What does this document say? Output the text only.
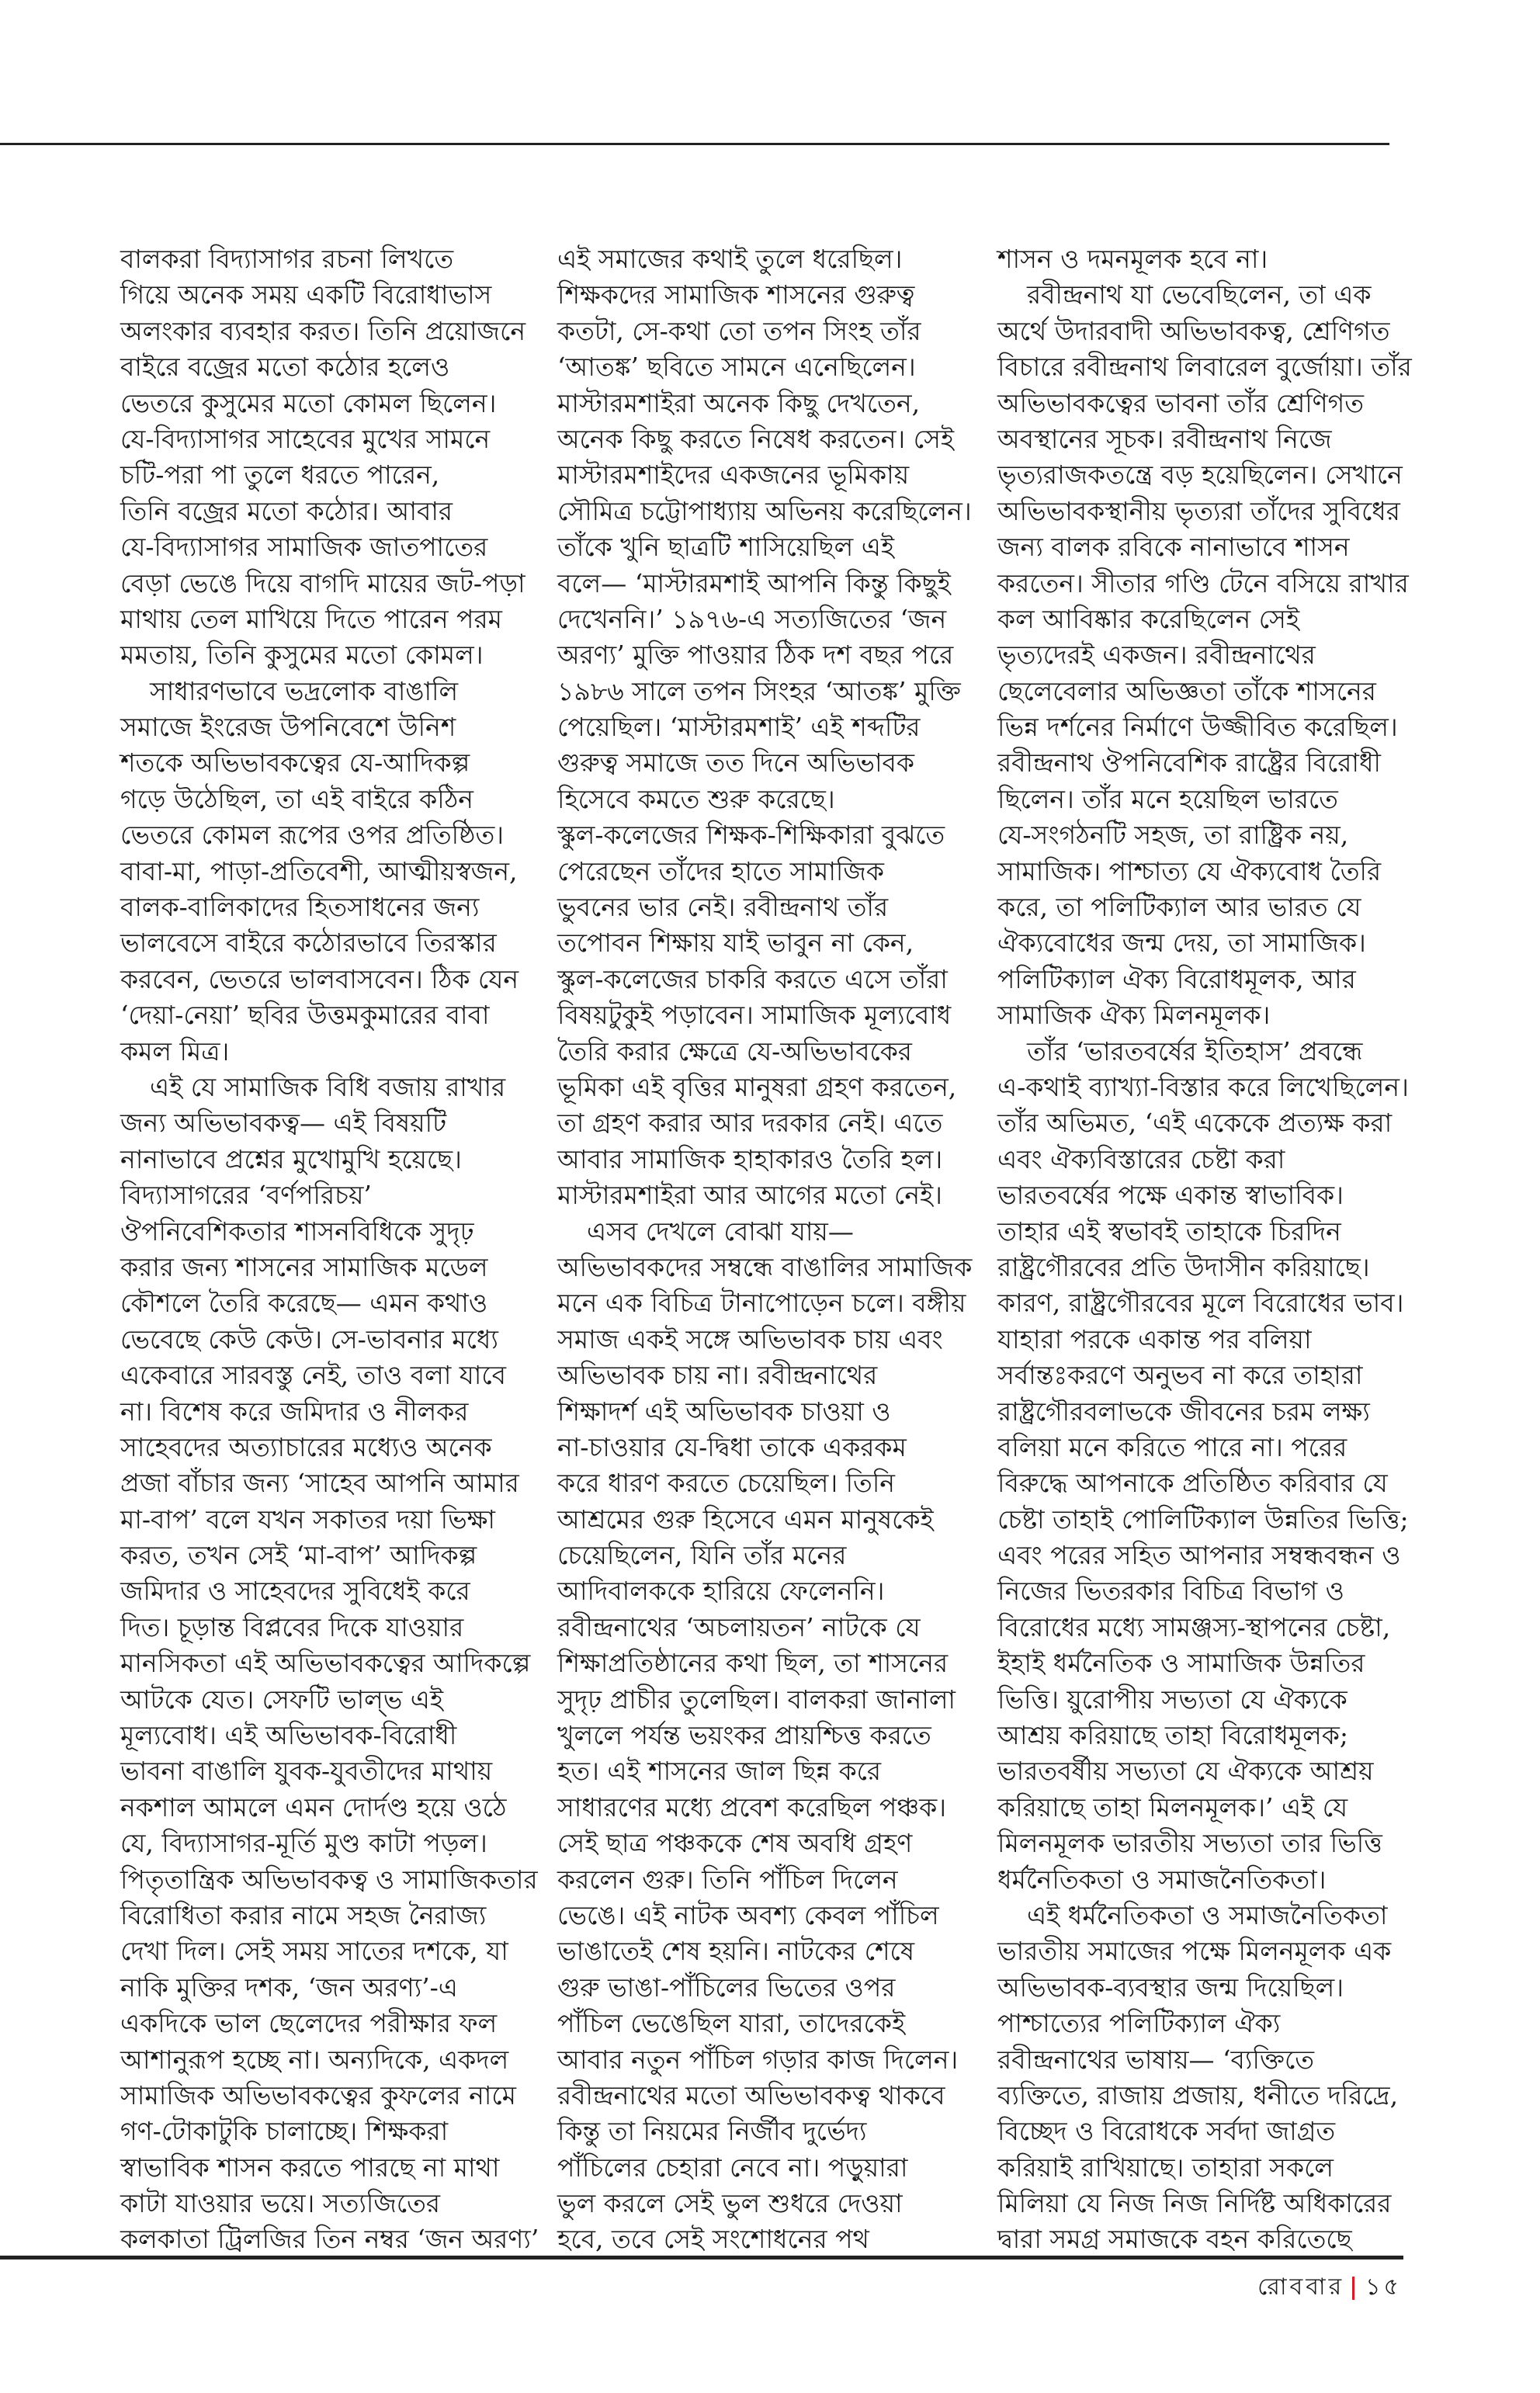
বালকরা বিদ্যাসাগর রচনা লিখতে
গিয়ে অনেক সময় একটি বিরোধাভাস
অলংকার ব্যবহার করত। তিনি প্রয়োজনে
বাইরে বজ্রের মতো কঠোর হলেও
ভেতরে কুসুমের মতো কোমল ছিলেন।
যে-বিদ্যাসাগর সাহেবের মুখের সামনে
চটি-পরা পা তুলে ধরতে পারেন,
তিনি বজ্রের মতো কঠোর। আবার
যে-বিদ্যাসাগর সামাজিক জাতপাতের
বেড়া ভেঙে দিয়ে বাগদি মায়ের জট-পড়া
মাথায় তেল মাখিয়ে দিতে পারেন পরম
মমতায়, তিনি কুসুমের মতো কোমল।
সাধারণভাবে ভদ্রলোক বাঙালি
সমাজে ইংরেজ উপনিবেশে উনিশ
শতকে অভিভাবকত্বের যে-আদিকল্প
গড়ে উঠেছিল, তা এই বাইরে কঠিন
ভেতরে কোমল রূপের ওপর প্রতিষ্ঠিত।
বাবা-মা, পাড়া-প্রতিবেশী, আত্মীয়স্বজন,
বালক-বালিকাদের হিতসাধনের জন্য
ভালবেসে বাইরে কঠোরভাবে তিরস্কার
করবেন, ভেতরে ভালবাসবেন। ঠিক যেন
‘দেয়া-নেয়া’ ছবির উত্তমকুমারের বাবা
কমল মিত্র।
এই যে সামাজিক বিধি বজায় রাখার
জন্য অভিভাবকত্ব— এই বিষয়টি
নানাভাবে প্রশ্নের মুখোমুখি হয়েছে।
বিদ্যাসাগরের ‘বর্ণপরিচয়’
ঔপনিবেশিকতার শাসনবিধিকে সুদৃঢ়
করার জন্য শাসনের সামাজিক মডেল
কৌশলে তৈরি করেছে— এমন কথাও
ভেবেছে কেউ কেউ। সে-ভাবনার মধ্যে
একেবারে সারবস্তু নেই, তাও বলা যাবে
না। বিশেষ করে জমিদার ও নীলকর
সাহেবদের অত্যাচারের মধ্যেও অনেক
প্রজা বাঁচার জন্য ‘সাহেব আপনি আমার
মা-বাপ’ বলে যখন সকাতর দয়া ভিক্ষা
করত, তখন সেই ‘মা-বাপ’ আদিকল্প
জমিদার ও সাহেবদের সুবিধেই করে
দিত। চূড়ান্ত বিপ্লবের দিকে যাওয়ার
মানসিকতা এই অভিভাবকত্বের আদিকল্পে
আটকে যেত। সেফটি ভাল্‌ভ এই
মূল্যবোধ। এই অভিভাবক-বিরোধী
ভাবনা বাঙালি যুবক-যুবতীদের মাথায়
নকশাল আমলে এমন দোর্দণ্ড হয়ে ওঠে
যে, বিদ্যাসাগর-মূর্তি মুণ্ড কাটা পড়ল।
পিতৃতান্ত্রিক অভিভাবকত্ব ও সামাজিকতার
বিরোধিতা করার নামে সহজ নৈরাজ্য
দেখা দিল। সেই সময় সাতের দশকে, যা
নাকি মুক্তির দশক, ‘জন অরণ্য’-এ
একদিকে ভাল ছেলেদের পরীক্ষার ফল
আশানুরূপ হচ্ছে না। অন্যদিকে, একদল
সামাজিক অভিভাবকত্বের কুফলের নামে
গণ-টোকাটুকি চালাচ্ছে। শিক্ষকরা
স্বাভাবিক শাসন করতে পারছে না মাথা
কাটা যাওয়ার ভয়ে। সত্যজিতের
কলকাতা ট্রিলজির তিন নম্বর ‘জন অরণ্য’
এই সমাজের কথাই তুলে ধরেছিল।
শিক্ষকদের সামাজিক শাসনের গুরুত্ব
কতটা, সে-কথা তো তপন সিংহ তাঁর
‘আতঙ্ক’ ছবিতে সামনে এনেছিলেন।
মাস্টারমশাইরা অনেক কিছু দেখতেন,
অনেক কিছু করতে নিষেধ করতেন। সেই
মাস্টারমশাইদের একজনের ভূমিকায়
সৌমিত্র চট্টোপাধ্যায় অভিনয় করেছিলেন।
তাঁকে খুনি ছাত্রটি শাসিয়েছিল এই
বলে— ‘মাস্টারমশাই আপনি কিন্তু কিছুই
দেখেননি।’ ১৯৭৬-এ সত্যজিতের ‘জন
অরণ্য’ মুক্তি পাওয়ার ঠিক দশ বছর পরে
১৯৮৬ সালে তপন সিংহর ‘আতঙ্ক’ মুক্তি
পেয়েছিল। ‘মাস্টারমশাই’ এই শব্দটির
গুরুত্ব সমাজে তত দিনে অভিভাবক
হিসেবে কমতে শুরু করেছে।
স্কুল-কলেজের শিক্ষক-শিক্ষিকারা বুঝতে
পেরেছেন তাঁদের হাতে সামাজিক
ভুবনের ভার নেই। রবীন্দ্রনাথ তাঁর
তপোবন শিক্ষায় যাই ভাবুন না কেন,
স্কুল-কলেজের চাকরি করতে এসে তাঁরা
বিষয়টুকুই পড়াবেন। সামাজিক মূল্যবোধ
তৈরি করার ক্ষেত্রে যে-অভিভাবকের
ভূমিকা এই বৃত্তির মানুষরা গ্রহণ করতেন,
তা গ্রহণ করার আর দরকার নেই। এতে
আবার সামাজিক হাহাকারও তৈরি হল।
মাস্টারমশাইরা আর আগের মতো নেই।
এসব দেখলে বোঝা যায়—
অভিভাবকদের সম্বন্ধে বাঙালির সামাজিক
মনে এক বিচিত্র টানাপোড়েন চলে। বঙ্গীয়
সমাজ একই সঙ্গে অভিভাবক চায় এবং
অভিভাবক চায় না। রবীন্দ্রনাথের
শিক্ষাদর্শ এই অভিভাবক চাওয়া ও
না-চাওয়ার যে-দ্বিধা তাকে একরকম
করে ধারণ করতে চেয়েছিল। তিনি
আশ্রমের গুরু হিসেবে এমন মানুষকেই
চেয়েছিলেন, যিনি তাঁর মনের
আদিবালককে হারিয়ে ফেলেননি।
রবীন্দ্রনাথের ‘অচলায়তন’ নাটকে যে
শিক্ষাপ্রতিষ্ঠানের কথা ছিল, তা শাসনের
সুদৃঢ় প্রাচীর তুলেছিল। বালকরা জানালা
খুললে পর্যন্ত ভয়ংকর প্রায়শ্চিত্ত করতে
হত। এই শাসনের জাল ছিন্ন করে
সাধারণের মধ্যে প্রবেশ করেছিল পঞ্চক।
সেই ছাত্র পঞ্চককে শেষ অবধি গ্রহণ
করলেন গুরু। তিনি পাঁচিল দিলেন
ভেঙে। এই নাটক অবশ্য কেবল পাঁচিল
ভাঙাতেই শেষ হয়নি। নাটকের শেষে
গুরু ভাঙা-পাঁচিলের ভিতের ওপর
পাঁচিল ভেঙেছিল যারা, তাদেরকেই
আবার নতুন পাঁচিল গড়ার কাজ দিলেন।
রবীন্দ্রনাথের মতো অভিভাবকত্ব থাকবে
কিন্তু তা নিয়মের নির্জীব দুর্ভেদ্য
পাঁচিলের চেহারা নেবে না। পড়ুয়ারা
ভুল করলে সেই ভুল শুধরে দেওয়া
হবে, তবে সেই সংশোধনের পথ
শাসন ও দমনমূলক হবে না।
রবীন্দ্রনাথ যা ভেবেছিলেন, তা এক
অর্থে উদারবাদী অভিভাবকত্ব, শ্রেণিগত
বিচারে রবীন্দ্রনাথ লিবারেল বুর্জোয়া। তাঁর
অভিভাবকত্বের ভাবনা তাঁর শ্রেণিগত
অবস্থানের সূচক। রবীন্দ্রনাথ নিজে
ভৃত্যরাজকতন্ত্রে বড় হয়েছিলেন। সেখানে
অভিভাবকস্থানীয় ভৃত্যরা তাঁদের সুবিধের
জন্য বালক রবিকে নানাভাবে শাসন
করতেন। সীতার গণ্ডি টেনে বসিয়ে রাখার
কল আবিষ্কার করেছিলেন সেই
ভৃত্যদেরই একজন। রবীন্দ্রনাথের
ছেলেবেলার অভিজ্ঞতা তাঁকে শাসনের
ভিন্ন দর্শনের নির্মাণে উজ্জীবিত করেছিল।
রবীন্দ্রনাথ ঔপনিবেশিক রাষ্ট্রের বিরোধী
ছিলেন। তাঁর মনে হয়েছিল ভারতে
যে-সংগঠনটি সহজ, তা রাষ্ট্রিক নয়,
সামাজিক। পাশ্চাত্য যে ঐক্যবোধ তৈরি
করে, তা পলিটিক্যাল আর ভারত যে
ঐক্যবোধের জন্ম দেয়, তা সামাজিক।
পলিটিক্যাল ঐক্য বিরোধমূলক, আর
সামাজিক ঐক্য মিলনমূলক।
তাঁর ‘ভারতবর্ষের ইতিহাস’ প্রবন্ধে
এ-কথাই ব্যাখ্যা-বিস্তার করে লিখেছিলেন।
তাঁর অভিমত, ‘এই একেকে প্রত্যক্ষ করা
এবং ঐক্যবিস্তারের চেষ্টা করা
ভারতবর্ষের পক্ষে একান্ত স্বাভাবিক।
তাহার এই স্বভাবই তাহাকে চিরদিন
রাষ্ট্রগৌরবের প্রতি উদাসীন করিয়াছে।
কারণ, রাষ্ট্রগৌরবের মূলে বিরোধের ভাব।
যাহারা পরকে একান্ত পর বলিয়া
সর্বান্তঃকরণে অনুভব না করে তাহারা
রাষ্ট্রগৌরবলাভকে জীবনের চরম লক্ষ্য
বলিয়া মনে করিতে পারে না। পরের
বিরুদ্ধে আপনাকে প্রতিষ্ঠিত করিবার যে
চেষ্টা তাহাই পোলিটিক্যাল উন্নতির ভিত্তি;
এবং পরের সহিত আপনার সম্বন্ধবন্ধন ও
নিজের ভিতরকার বিচিত্র বিভাগ ও
বিরোধের মধ্যে সামঞ্জস্য-স্থাপনের চেষ্টা,
ইহাই ধর্মনৈতিক ও সামাজিক উন্নতির
ভিত্তি। য়ুরোপীয় সভ্যতা যে ঐক্যকে
আশ্রয় করিয়াছে তাহা বিরোধমূলক;
ভারতবর্ষীয় সভ্যতা যে ঐক্যকে আশ্রয়
করিয়াছে তাহা মিলনমূলক।’ এই যে
মিলনমূলক ভারতীয় সভ্যতা তার ভিত্তি
ধর্মনৈতিকতা ও সমাজনৈতিকতা।
এই ধর্মনৈতিকতা ও সমাজনৈতিকতা
ভারতীয় সমাজের পক্ষে মিলনমূলক এক
অভিভাবক-ব্যবস্থার জন্ম দিয়েছিল।
পাশ্চাত্যের পলিটিক্যাল ঐক্য
রবীন্দ্রনাথের ভাষায়— ‘ব্যক্তিতে
ব্যক্তিতে, রাজায় প্রজায়, ধনীতে দরিদ্রে,
বিচ্ছেদ ও বিরোধকে সর্বদা জাগ্রত
করিয়াই রাখিয়াছে। তাহারা সকলে
মিলিয়া যে নিজ নিজ নির্দিষ্ট অধিকারের
দ্বারা সমগ্র সমাজকে বহন করিতেছে
রোববার | ১৫
